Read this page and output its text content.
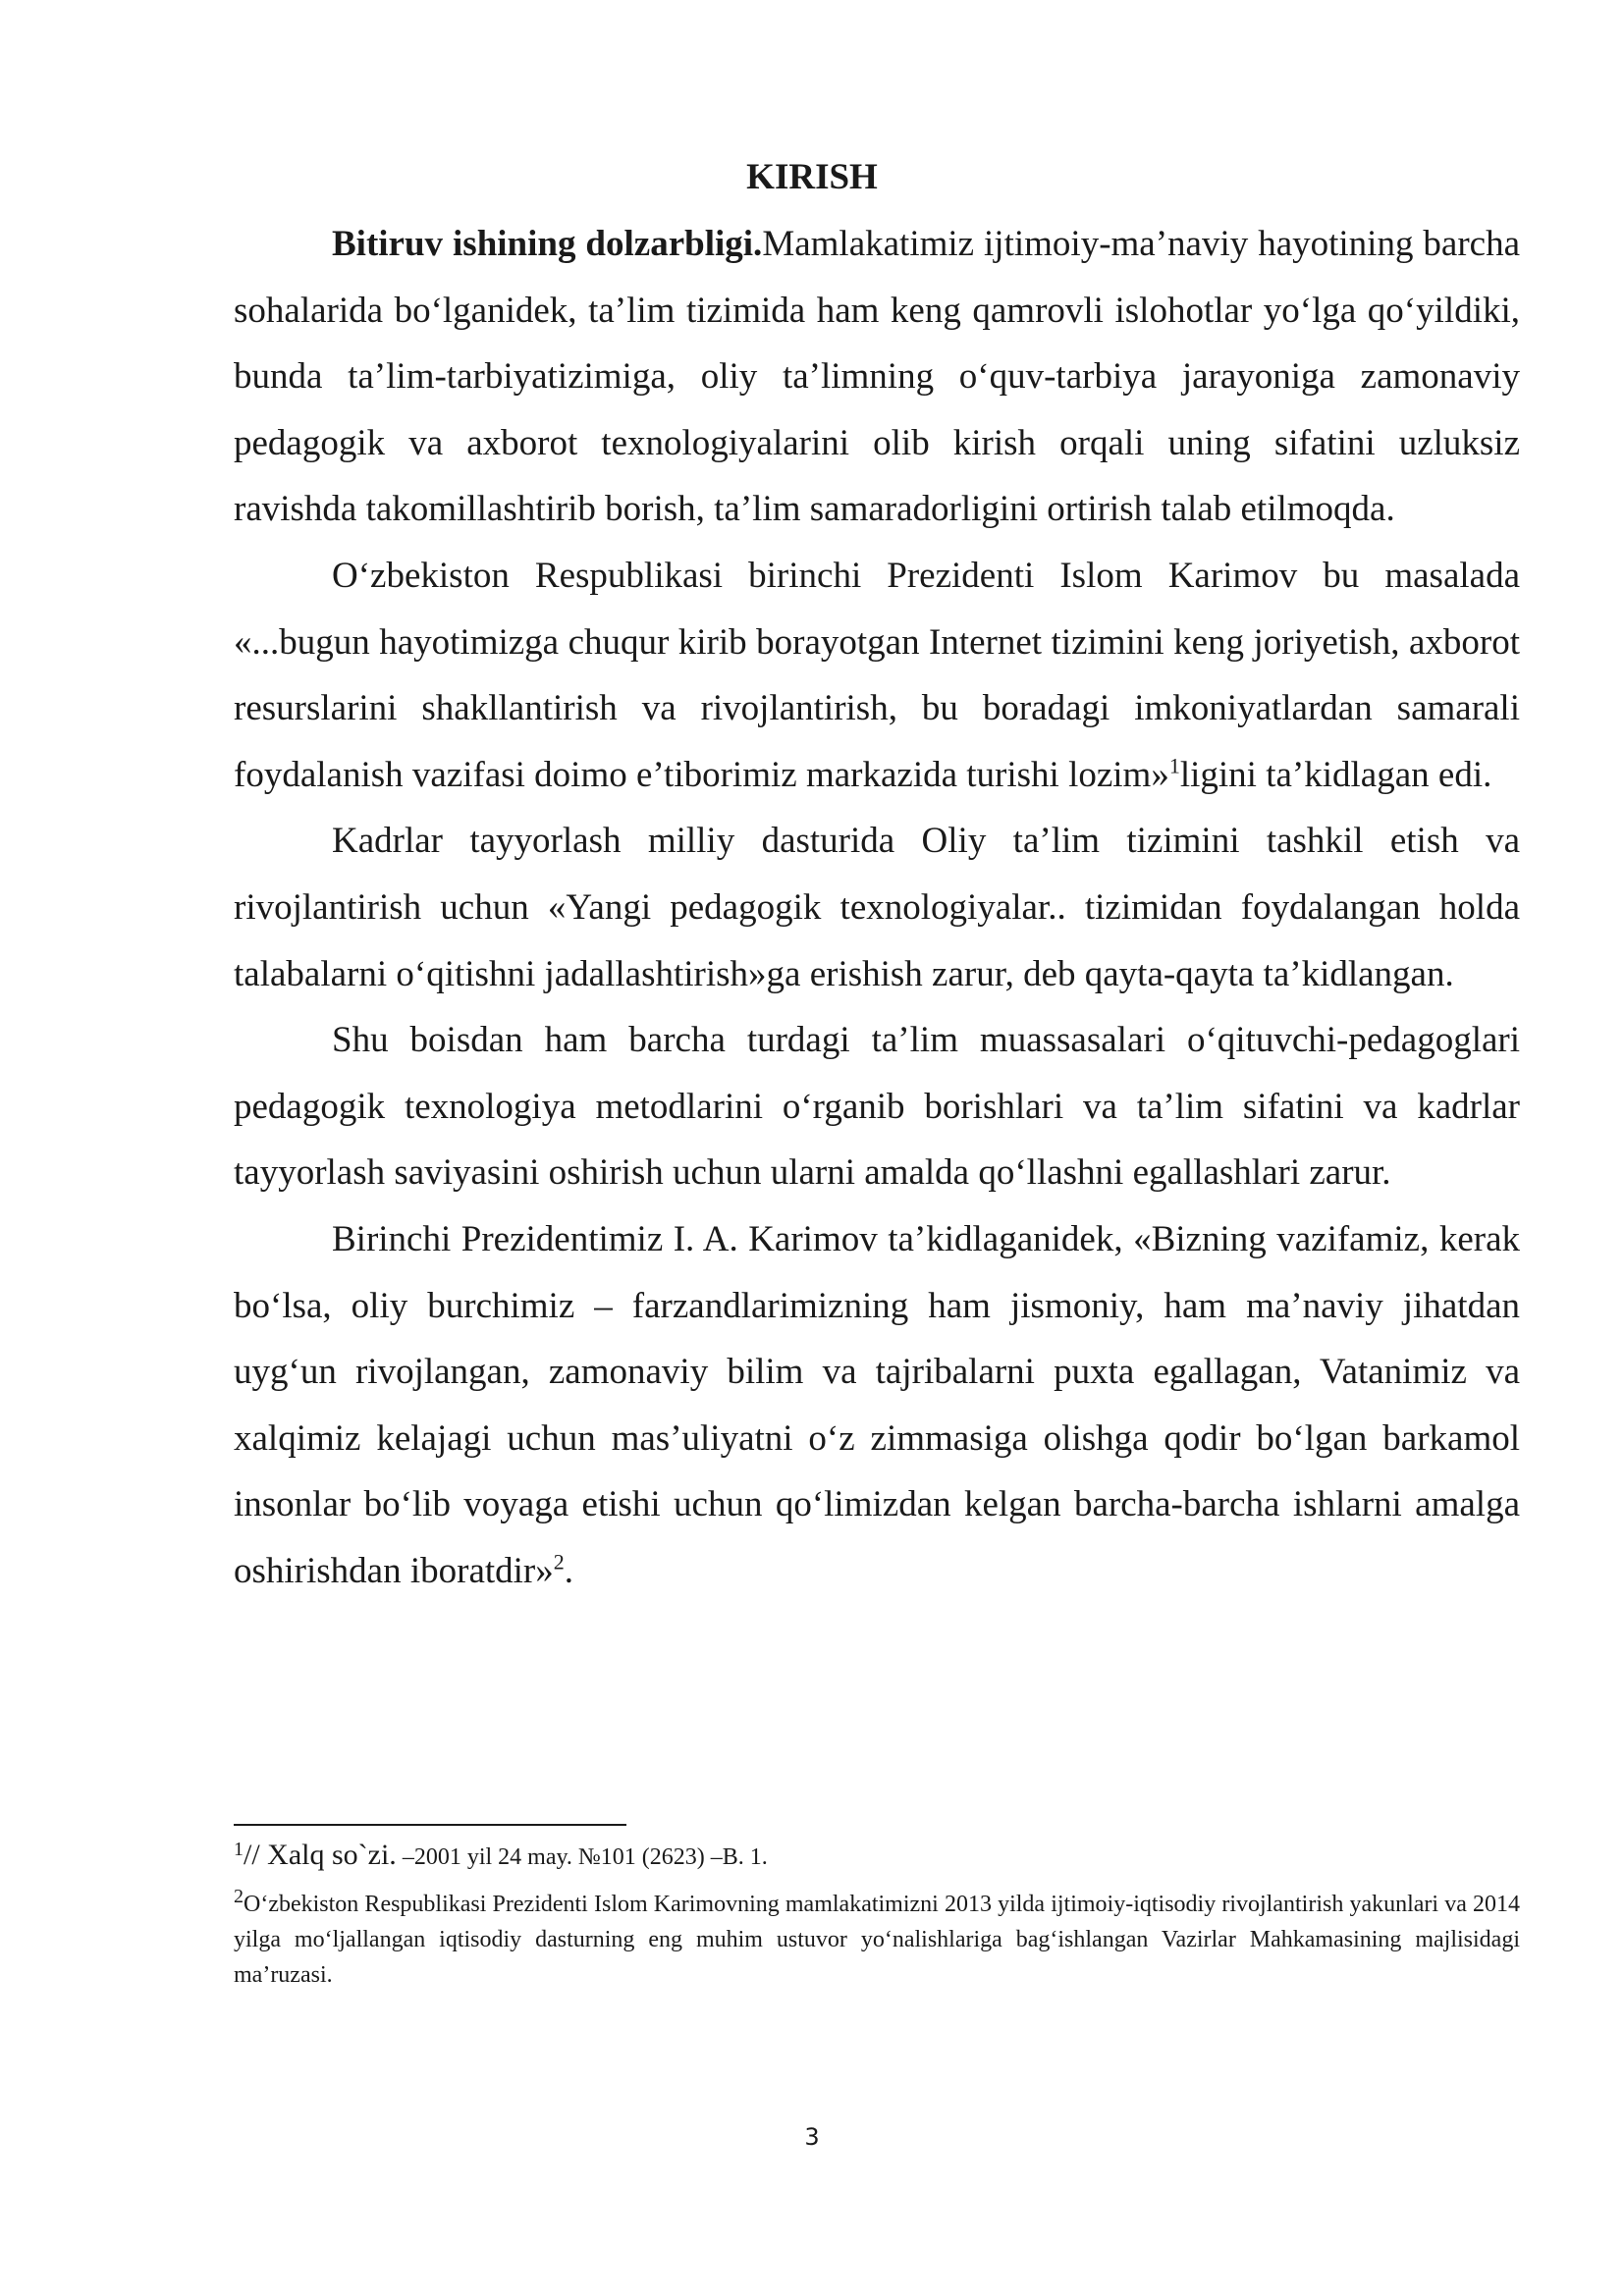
KIRISH

Bitiruv ishining dolzarbligi.Mamlakatimiz ijtimoiy-ma’naviy hayotining barcha sohalarida bo‘lganidek, ta’lim tizimida ham keng qamrovli islohotlar yo‘lga qo‘yildiki, bunda ta’lim-tarbiyatizimiga, oliy ta’limning o‘quv-tarbiya jarayoniga zamonaviy pedagogik va axborot texnologiyalarini olib kirish orqali uning sifatini uzluksiz ravishda takomillashtirib borish, ta’lim samaradorligini ortirish talab etilmoqda.

O‘zbekiston Respublikasi birinchi Prezidenti Islom Karimov bu masalada «...bugun hayotimizga chuqur kirib borayotgan Internet tizimini keng joriyetish, axborot resurslarini shakllantirish va rivojlantirish, bu boradagi imkoniyatlardan samarali foydalanish vazifasi doimo e’tiborimiz markazida turishi lozim»$^1$ligini ta’kidlagan edi.

Kadrlar tayyorlash milliy dasturida Oliy ta’lim tizimini tashkil etish va rivojlantirish uchun «Yangi pedagogik texnologiyalar.. tizimidan foydalangan holda talabalarni o‘qitishni jadallashtirish»ga erishish zarur, deb qayta-qayta ta’kidlangan.

Shu boisdan ham barcha turdagi ta’lim muassasalari o‘qituvchi-pedagoglari pedagogik texnologiya metodlarini o‘rganib borishlari va ta’lim sifatini va kadrlar tayyorlash saviyasini oshirish uchun ularni amalda qo‘llashni egallashlari zarur.

Birinchi Prezidentimiz I. A. Karimov ta’kidlaganidek, «Bizning vazifamiz, kerak bo‘lsa, oliy burchimiz – farzandlarimizning ham jismoniy, ham ma’naviy jihatdan uyg‘un rivojlangan, zamonaviy bilim va tajribalarni puxta egallagan, Vatanimiz va xalqimiz kelajagi uchun mas’uliyatni o‘z zimmasiga olishga qodir bo‘lgan barkamol insonlar bo‘lib voyaga etishi uchun qo‘limizdan kelgan barcha-barcha ishlarni amalga oshirishdan iboratdir»$^2$.

$^1$// Xalq so`zi. –2001 yil 24 may. №101 (2623) –B. 1.

$^2$O‘zbekiston Respublikasi Prezidenti Islom Karimovning mamlakatimizni 2013 yilda ijtimoiy-iqtisodiy rivojlantirish yakunlari va 2014 yilga mo‘ljallangan iqtisodiy dasturning eng muhim ustuvor yo‘nalishlariga bag‘ishlangan Vazirlar Mahkamasining majlisidagi ma’ruzasi.

3
